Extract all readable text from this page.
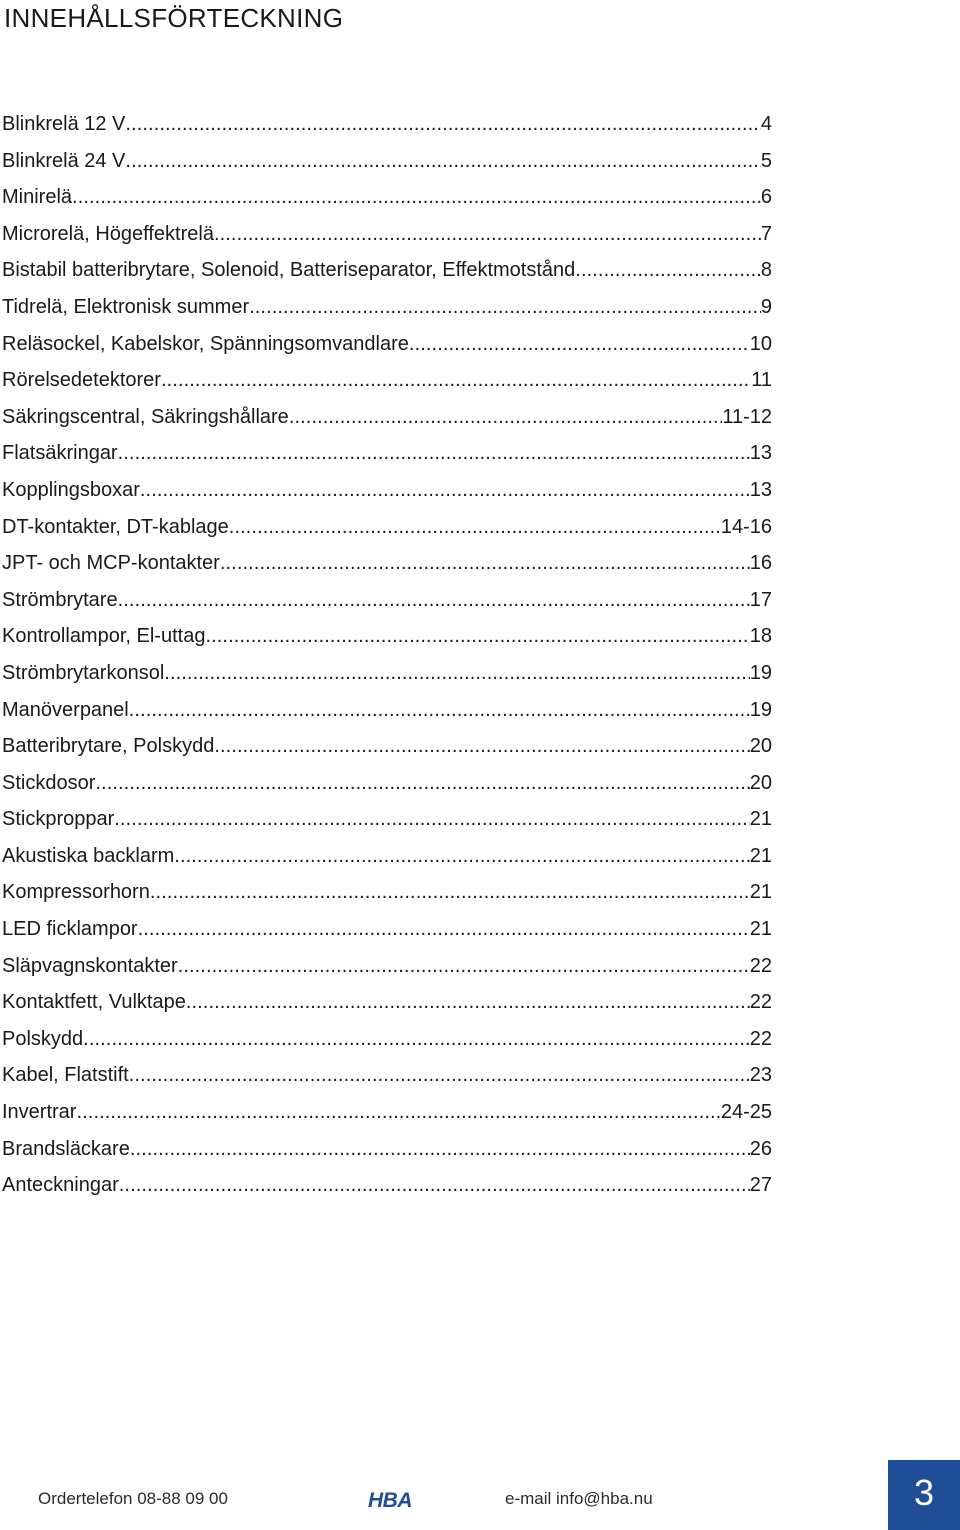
INNEHÅLLSFÖRTECKNING
Blinkrelä 12 V .....	4
Blinkrelä 24 V .....	5
Minirelä .....	6
Microrelä, Högeffektrelä .....	7
Bistabil batteribrytare, Solenoid, Batteriseparator, Effektmotstånd .....	8
Tidrelä, Elektronisk summer .....	9
Reläsockel, Kabelskor, Spänningsomvandlare .....	10
Rörelsedetektorer .....	11
Säkringscentral, Säkringshållare .....	11-12
Flatsäkringar .....	13
Kopplingsboxar .....	13
DT-kontakter, DT-kablage .....	14-16
JPT- och MCP-kontakter .....	16
Strömbrytare .....	17
Kontrollampor, El-uttag .....	18
Strömbrytarkonsol .....	19
Manöverpanel .....	19
Batteribrytare, Polskydd .....	20
Stickdosor .....	20
Stickproppar .....	21
Akustiska backlarm .....	21
Kompressorhorn .....	21
LED ficklampor .....	21
Släpvagnskontakter .....	22
Kontaktfett, Vulktape .....	22
Polskydd .....	22
Kabel, Flatstift .....	23
Invertrar .....	24-25
Brandsläckare .....	26
Anteckningar .....	27
Ordertelefon 08-88 09 00	HBA	e-mail info@hba.nu	3
